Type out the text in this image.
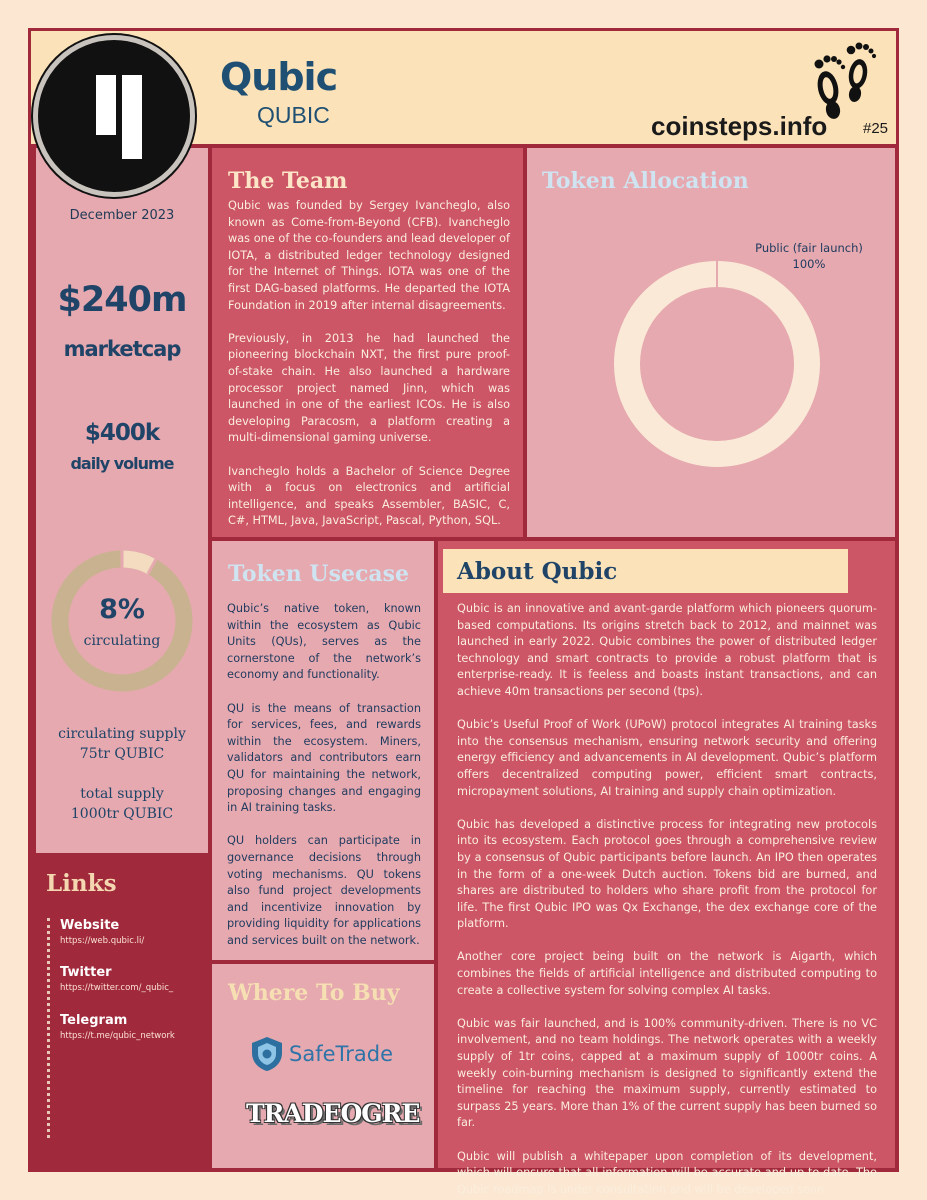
Qubic
QUBIC	coinsteps.info #25
December 2023
$240m
marketcap
$400k
daily volume
8%
circulating
circulating supply
75tr QUBIC
total supply
1000tr QUBIC
Links
Website
https://web.qubic.li/
Twitter
https://twitter.com/_qubic_
Telegram
https://t.me/qubic_network
The Team

Qubic was founded by Sergey Ivancheglo, also known as Come-from-Beyond (CFB). Ivancheglo was one of the co-founders and lead developer of IOTA, a distributed ledger technology designed for the Internet of Things. IOTA was one of the first DAG-based platforms. He departed the IOTA Foundation in 2019 after internal disagreements.

Previously, in 2013 he had launched the pioneering blockchain NXT, the first pure proof-of-stake chain. He also launched a hardware processor project named Jinn, which was launched in one of the earliest ICOs. He is also developing Paracosm, a platform creating a multi-dimensional gaming universe.

Ivancheglo holds a Bachelor of Science Degree with a focus on electronics and artificial intelligence, and speaks Assembler, BASIC, C, C#, HTML, Java, JavaScript, Pascal, Python, SQL.

Token Allocation
Public (fair launch)
100%
Token Usecase

Qubic’s native token, known within the ecosystem as Qubic Units (QUs), serves as the cornerstone of the network’s economy and functionality.

QU is the means of transaction for services, fees, and rewards within the ecosystem. Miners, validators and contributors earn QU for maintaining the network, proposing changes and engaging in AI training tasks.

QU holders can participate in governance decisions through voting mechanisms. QU tokens also fund project developments and incentivize innovation by providing liquidity for applications and services built on the network.

Where To Buy
SafeTrade
TRADEOGRE
About Qubic

Qubic is an innovative and avant-garde platform which pioneers quorum-based computations. Its origins stretch back to 2012, and mainnet was launched in early 2022. Qubic combines the power of distributed ledger technology and smart contracts to provide a robust platform that is enterprise-ready. It is feeless and boasts instant transactions, and can achieve 40m transactions per second (tps).

Qubic’s Useful Proof of Work (UPoW) protocol integrates AI training tasks into the consensus mechanism, ensuring network security and offering energy efficiency and advancements in AI development. Qubic’s platform offers decentralized computing power, efficient smart contracts, micropayment solutions, AI training and supply chain optimization.

Qubic has developed a distinctive process for integrating new protocols into its ecosystem. Each protocol goes through a comprehensive review by a consensus of Qubic participants before launch. An IPO then operates in the form of a one-week Dutch auction. Tokens bid are burned, and shares are distributed to holders who share profit from the protocol for life. The first Qubic IPO was Qx Exchange, the dex exchange core of the platform.

Another core project being built on the network is Aigarth, which combines the fields of artificial intelligence and distributed computing to create a collective system for solving complex AI tasks.

Qubic was fair launched, and is 100% community-driven. There is no VC involvement, and no team holdings. The network operates with a weekly supply of 1tr coins, capped at a maximum supply of 1000tr coins. A weekly coin-burning mechanism is designed to significantly extend the timeline for reaching the maximum supply, currently estimated to surpass 25 years. More than 1% of the current supply has been burned so far.

Qubic will publish a whitepaper upon completion of its development, which will ensure that all information will be accurate and up to date. The Qubic roadmap is under consultation and will be developed soon.
